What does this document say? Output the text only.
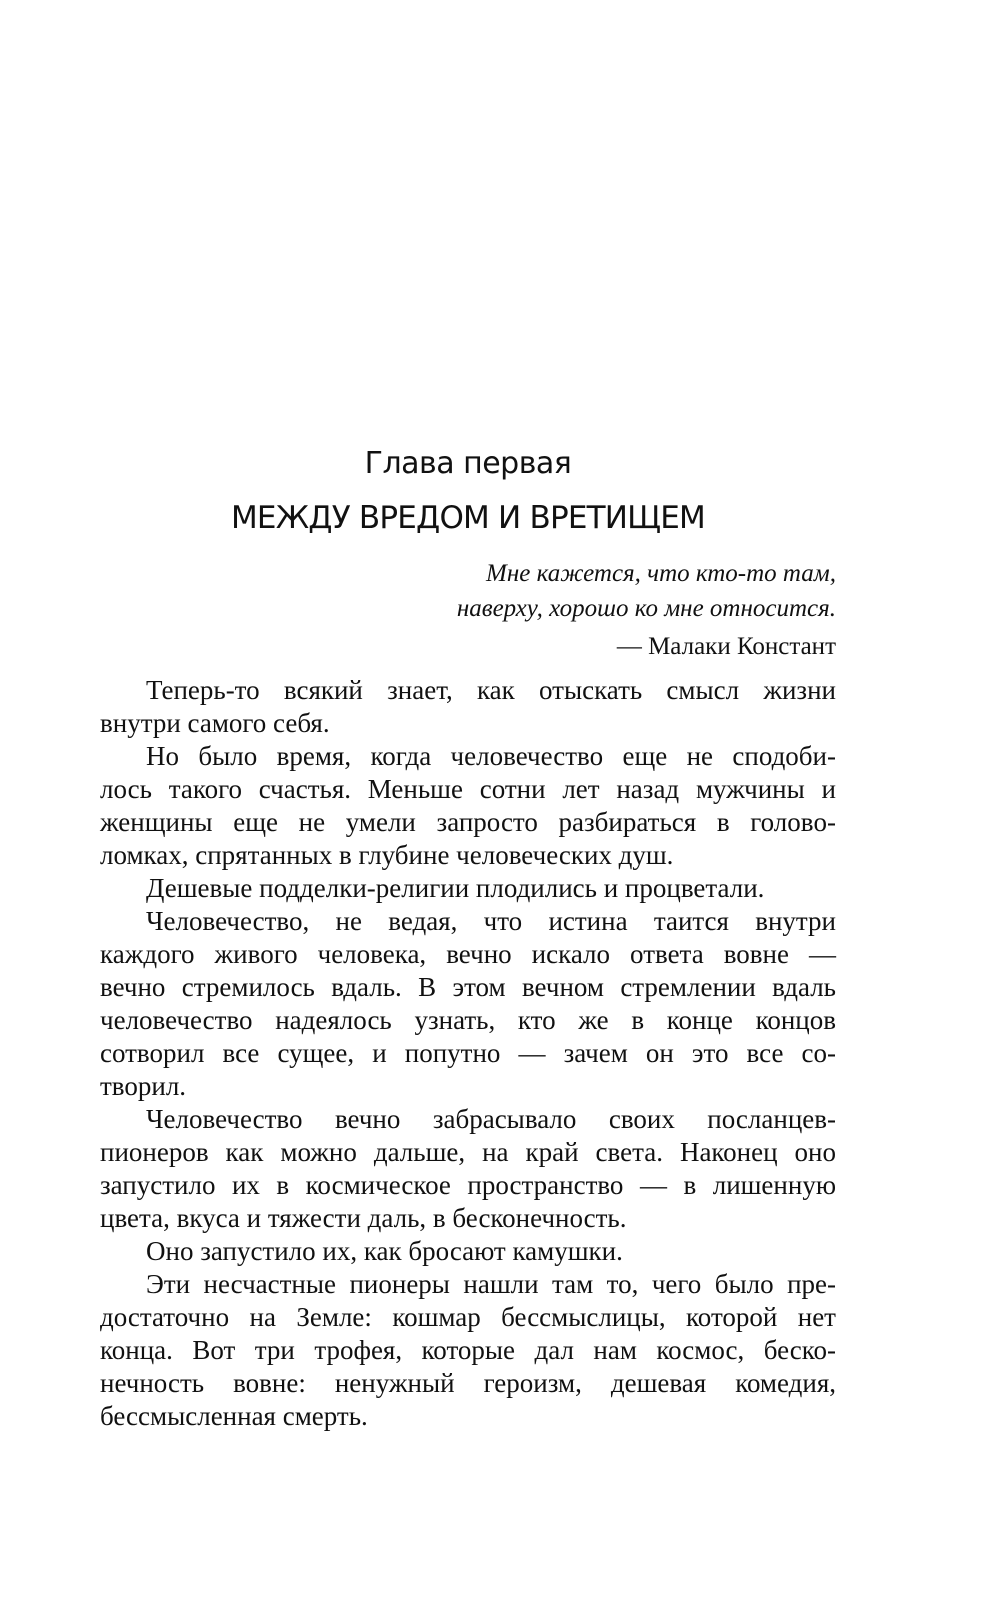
Глава первая
МЕЖДУ ВРЕДОМ И ВРЕТИЩЕМ
Мне кажется, что кто-то там,
наверху, хорошо ко мне относится.
— Малаки Констант
Теперь-то всякий знает, как отыскать смысл жизни
внутри самого себя.
Но было время, когда человечество еще не сподоби-
лось такого счастья. Меньше сотни лет назад мужчины и
женщины еще не умели запросто разбираться в головo-
ломках, спрятанных в глубине человеческих душ.
Дешевые подделки-религии плодились и процветали.
Человечество, не ведая, что истина таится внутри
каждого живого человека, вечно искало ответа вовне —
вечно стремилось вдаль. В этом вечном стремлении вдаль
человечество надеялось узнать, кто же в конце концов
сотворил все сущее, и попутно — зачем он это все со-
творил.
Человечество вечно забрасывало своих посланцев-
пионеров как можно дальше, на край света. Наконец оно
запустило их в космическое пространство — в лишенную
цвета, вкуса и тяжести даль, в бесконечность.
Оно запустило их, как бросают камушки.
Эти несчастные пионеры нашли там то, чего было пре-
достаточно на Земле: кошмар бессмыслицы, которой нет
конца. Вот три трофея, которые дал нам космос, беско-
нечность вовне: ненужный героизм, дешевая комедия,
бессмысленная смерть.
